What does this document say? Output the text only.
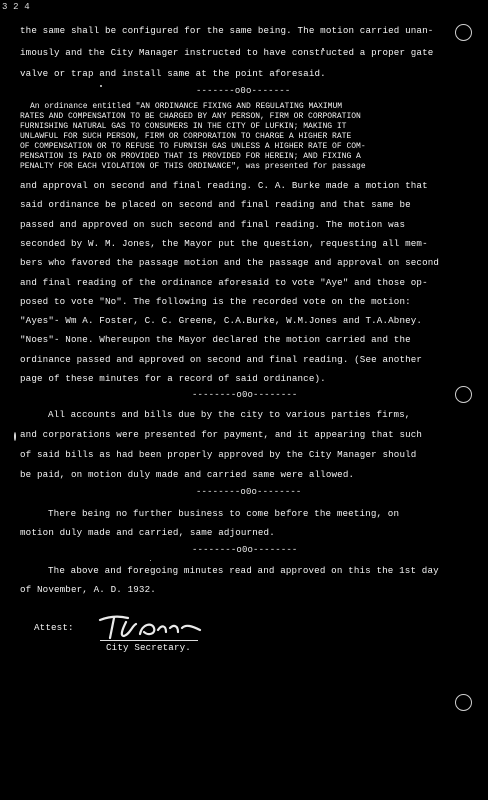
3 2 4
the same shall be configured for the same being. The motion carried unan-
imously and the City Manager instructed to have constructed a proper gate
valve or trap and install same at the point aforesaid.
-------o0o-------
An ordinance entitled "AN ORDINANCE FIXING AND REGULATING MAXIMUM
RATES AND COMPENSATION TO BE CHARGED BY ANY PERSON, FIRM OR CORPORATION
FURNISHING NATURAL GAS TO CONSUMERS IN THE CITY OF LUFKIN; MAKING IT
UNLAWFUL FOR SUCH PERSON, FIRM OR CORPORATION TO CHARGE A HIGHER RATE
OF COMPENSATION OR TO REFUSE TO FURNISH GAS UNLESS A HIGHER RATE OF COM-
PENSATION IS PAID OR PROVIDED THAT IS PROVIDED FOR HEREIN; AND FIXING A
PENALTY FOR EACH VIOLATION OF THIS ORDINANCE", was presented for passage
and approval on second and final reading. C. A. Burke made a motion that
said ordinance be placed on second and final reading and that same be
passed and approved on such second and final reading. The motion was
seconded by W. M. Jones, the Mayor put the question, requesting all mem-
bers who favored the passage motion and the passage and approval on second
and final reading of the ordinance aforesaid to vote "Aye" and those op-
posed to vote "No". The following is the recorded vote on the motion:
"Ayes"- Wm A. Foster, C. C. Greene, C.A.Burke, W.M.Jones and T.A.Abney.
"Noes"- None. Whereupon the Mayor declared the motion carried and the
ordinance passed and approved on second and final reading. (See another
page of these minutes for a record of said ordinance).
--------o0o--------
All accounts and bills due by the city to various parties firms,
and corporations were presented for payment, and it appearing that such
of said bills as had been properly approved by the City Manager should
be paid, on motion duly made and carried same were allowed.
--------o0o--------
There being no further business to come before the meeting, on
motion duly made and carried, same adjourned.
--------o0o--------
The above and foregoing minutes read and approved on this the 1st day
of November, A. D. 1932.
Attest:
City Secretary.
